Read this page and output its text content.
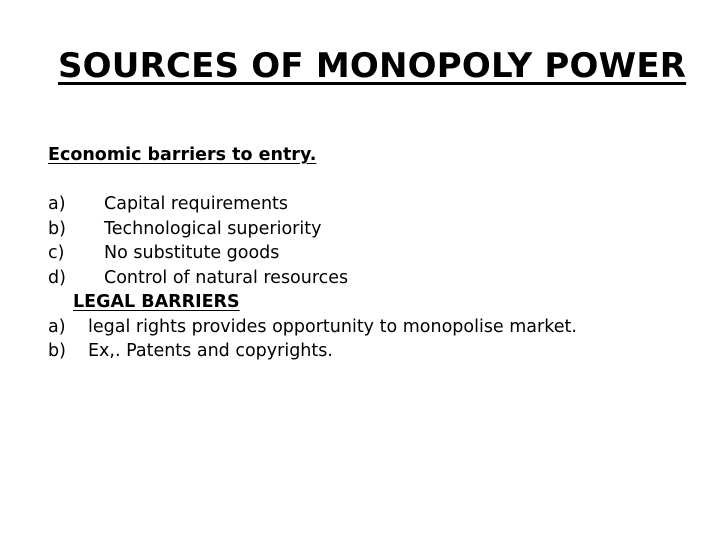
SOURCES OF MONOPOLY POWER
Economic barriers to entry.
a) Capital requirements
b) Technological superiority
c) No substitute goods
d) Control of natural resources
LEGAL BARRIERS
a) legal rights provides opportunity to monopolise market.
b) Ex,. Patents and copyrights.
